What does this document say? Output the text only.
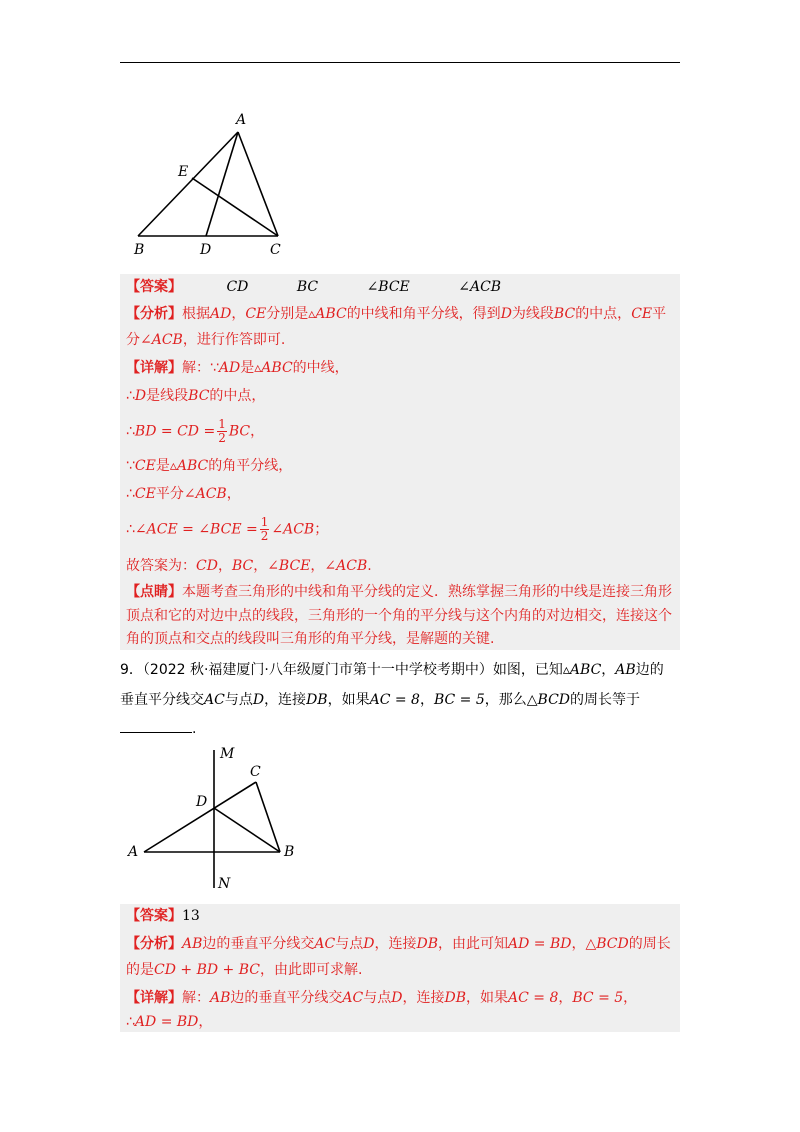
A
E
B	D	C
【答案】	CD	BC	∠BCE	∠ACB
【分析】根据AD，CE分别是▵ABC的中线和角平分线，得到D为线段BC的中点，CE平
分∠ACB，进行作答即可.
【详解】解：∵AD是▵ABC的中线，
∴D是线段BC的中点，
∴BD = CD = $\frac{1}{2}$ BC，
∵CE是▵ABC的角平分线，
∴CE平分∠ACB，
∴∠ACE = ∠BCE = $\frac{1}{2}$ ∠ACB；
故答案为：CD，BC，∠BCE，∠ACB.
【点睛】本题考查三角形的中线和角平分线的定义．熟练掌握三角形的中线是连接三角形
顶点和它的对边中点的线段，三角形的一个角的平分线与这个内角的对边相交，连接这个
角的顶点和交点的线段叫三角形的角平分线，是解题的关键.
9．（2022 秋·福建厦门·八年级厦门市第十一中学校考期中）如图，已知▵ABC，AB边的
垂直平分线交AC与点D，连接DB，如果AC = 8，BC = 5，那么△BCD的周长等于
.
M
C
D
A	B
N
【答案】13
【分析】AB边的垂直平分线交AC与点D，连接DB，由此可知AD = BD，△BCD的周长
的是CD + BD + BC，由此即可求解.
【详解】解：AB边的垂直平分线交AC与点D，连接DB，如果AC = 8，BC = 5，
∴AD = BD，
